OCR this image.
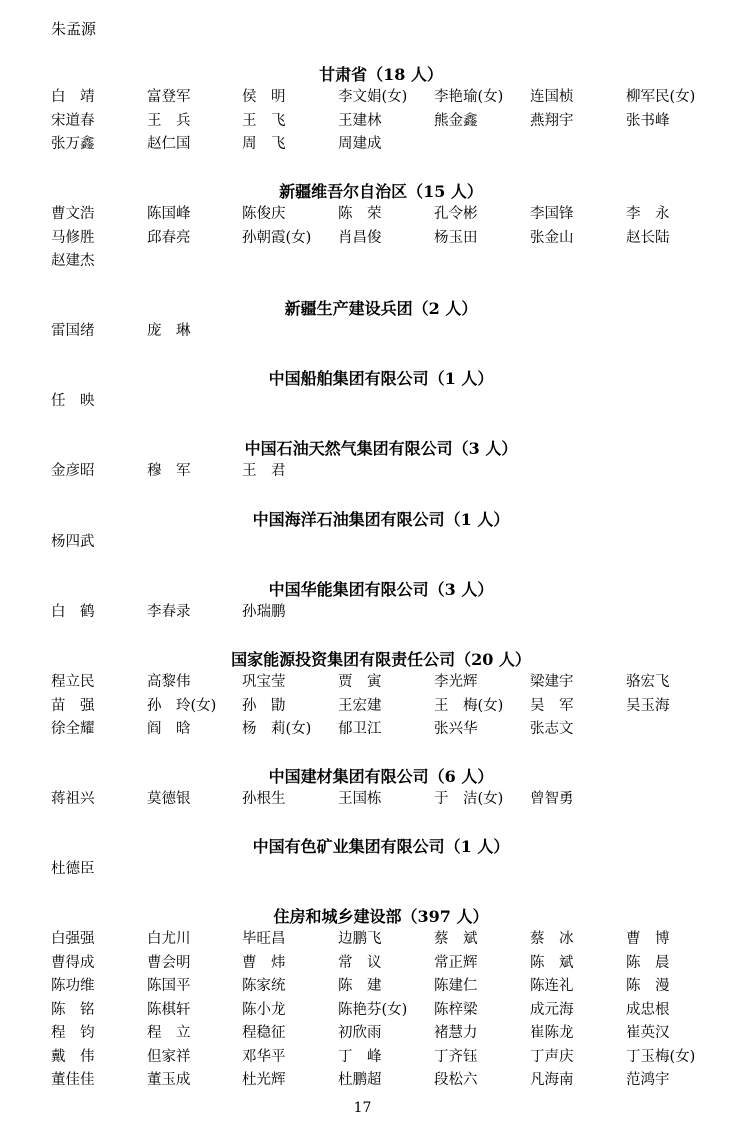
朱孟源
甘肃省（18 人）
白　靖	富登军	侯　明	李文娟(女) 李艳瑜(女) 连国桢	柳军民(女)
宋道春	王　兵	王　飞	王建林	熊金鑫	燕翔宇	张书峰
张万鑫	赵仁国	周　飞	周建成
新疆维吾尔自治区（15 人）
曹文浩	陈国峰	陈俊庆	陈　荣	孔令彬	李国锋	李　永
马修胜	邱春亮	孙朝霞(女) 肖昌俊	杨玉田	张金山	赵长陆
赵建杰
新疆生产建设兵团（2 人）
雷国绪	庞　琳
中国船舶集团有限公司（1 人）
任　映
中国石油天然气集团有限公司（3 人）
金彦昭	穆　军	王　君
中国海洋石油集团有限公司（1 人）
杨四武
中国华能集团有限公司（3 人）
白　鹤	李春录	孙瑞鹏
国家能源投资集团有限责任公司（20 人）
程立民	高黎伟	巩宝莹	贾　寅	李光辉	梁建宇	骆宏飞
苗　强	孙　玲(女) 孙　勖	王宏建	王　梅(女) 吴　军	吴玉海
徐全耀	阎　晗	杨　莉(女) 郁卫江	张兴华	张志文
中国建材集团有限公司（6 人）
蒋祖兴	莫德银	孙根生	王国栋	于　洁(女) 曾智勇
中国有色矿业集团有限公司（1 人）
杜德臣
住房和城乡建设部（397 人）
白强强	白尤川	毕旺昌	边鹏飞	蔡　斌	蔡　冰	曹　博
曹得成	曹会明	曹　炜	常　议	常正辉	陈　斌	陈　晨
陈功维	陈国平	陈家统	陈　建	陈建仁	陈连礼	陈　漫
陈　铭	陈棋轩	陈小龙	陈艳芬(女) 陈梓梁	成元海	成忠根
程　钧	程　立	程稳征	初欣雨	褚慧力	崔陈龙	崔英汉
戴　伟	但家祥	邓华平	丁　峰	丁齐钰	丁声庆	丁玉梅(女)
董佳佳	董玉成	杜光辉	杜鹏超	段松六	凡海南	范鸿宇
17
